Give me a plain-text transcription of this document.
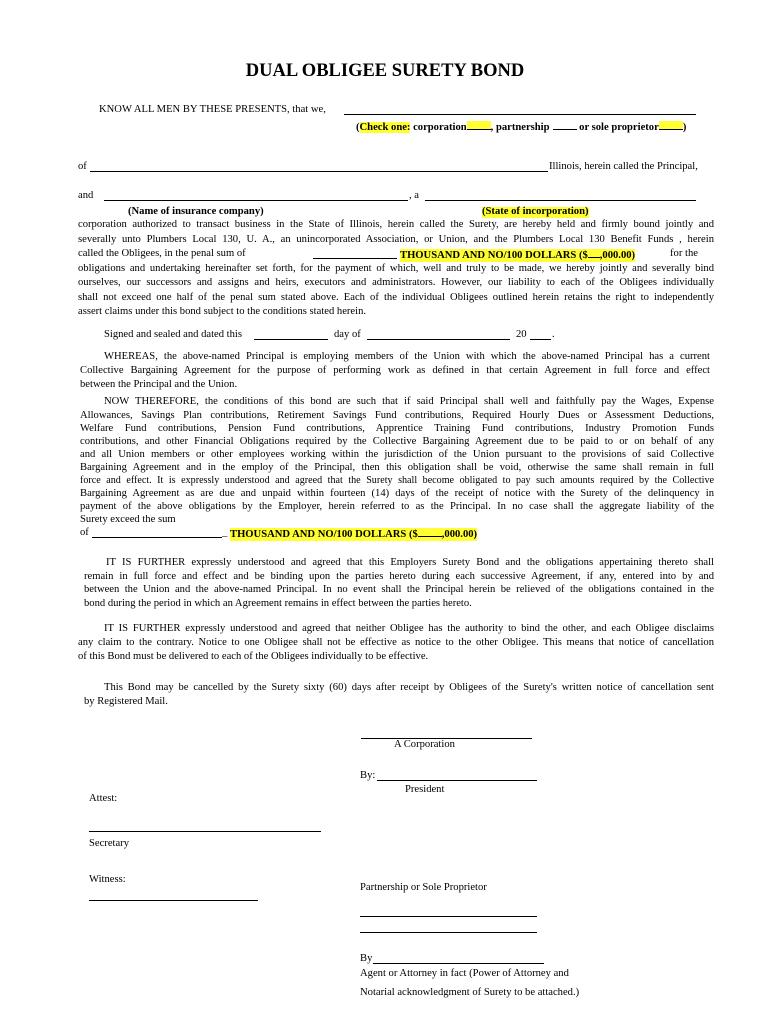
DUAL OBLIGEE SURETY BOND
KNOW ALL MEN BY THESE PRESENTS, that we,
(Check one: corporation , partnership	or sole proprietor )
of	Illinois, herein called the Principal,
and	, a
(Name of insurance company)	(State of incorporation)
corporation authorized to transact business in the State of Illinois, herein called the Surety, are hereby held and firmly bound jointly and
severally unto Plumbers Local 130, U. A., an unincorporated Association, or Union, and the Plumbers Local 130 Benefit Funds , herein
called the Obligees, in the penal sum of	THOUSAND AND NO/100 DOLLARS ($ ,000.00)	for the
obligations and undertaking hereinafter set forth, for the payment of which, well and truly to be made, we hereby jointly and severally bind
ourselves, our successors and assigns and heirs, executors and administrators. However, our liability to each of the Obligees individually
shall not exceed one half of the penal sum stated above. Each of the individual Obligees outlined herein retains the right to independently
assert claims under this bond subject to the conditions stated herein.
Signed and sealed and dated this	day of	20 .
WHEREAS, the above-named Principal is employing members of the Union with which the above-named Principal has a current
Collective Bargaining Agreement for the purpose of performing work as defined in that certain Agreement in full force and effect
between the Principal and the Union.
NOW THEREFORE, the conditions of this bond are such that if said Principal shall well and faithfully pay the Wages, Expense
Allowances, Savings Plan contributions, Retirement Savings Fund contributions, Required Hourly Dues or Assessment Deductions,
Welfare Fund contributions, Pension Fund contributions, Apprentice Training Fund contributions, Industry Promotion Funds
contributions, and other Financial Obligations required by the Collective Bargaining Agreement due to be paid to or on behalf of any
and all Union members or other employees working within the jurisdiction of the Union pursuant to the provisions of said Collective
Bargaining Agreement and in the employ of the Principal, then this obligation shall be void, otherwise the same shall remain in full
force and effect. It is expressly understood and agreed that the Surety shall become obligated to pay such amounts required by the Collective
Bargaining Agreement as are due and unpaid within fourteen (14) days of the receipt of notice with the Surety of the delinquency in
payment of the above obligations by the Employer, herein referred to as the Principal. In no case shall the aggregate liability of the
Surety exceed the sum
of	_ THOUSAND AND NO/100 DOLLARS ($ ,000.00)
IT IS FURTHER expressly understood and agreed that this Employers Surety Bond and the obligations appertaining thereto shall
remain in full force and effect and be binding upon the parties hereto during each successive Agreement, if any, entered into by and
between the Union and the above-named Principal. In no event shall the Principal herein be relieved of the obligations contained in the
bond during the period in which an Agreement remains in effect between the parties hereto.
IT IS FURTHER expressly understood and agreed that neither Obligee has the authority to bind the other, and each Obligee disclaims
any claim to the contrary. Notice to one Obligee shall not be effective as notice to the other Obligee. This means that notice of cancellation
of this Bond must be delivered to each of the Obligees individually to be effective.
This Bond may be cancelled by the Surety sixty (60) days after receipt by Obligees of the Surety's written notice of cancellation sent
by Registered Mail.
A Corporation
By:
President
Attest:
Secretary
Witness:
Partnership or Sole Proprietor
By
Agent or Attorney in fact (Power of Attorney and
Notarial acknowledgment of Surety to be attached.)
